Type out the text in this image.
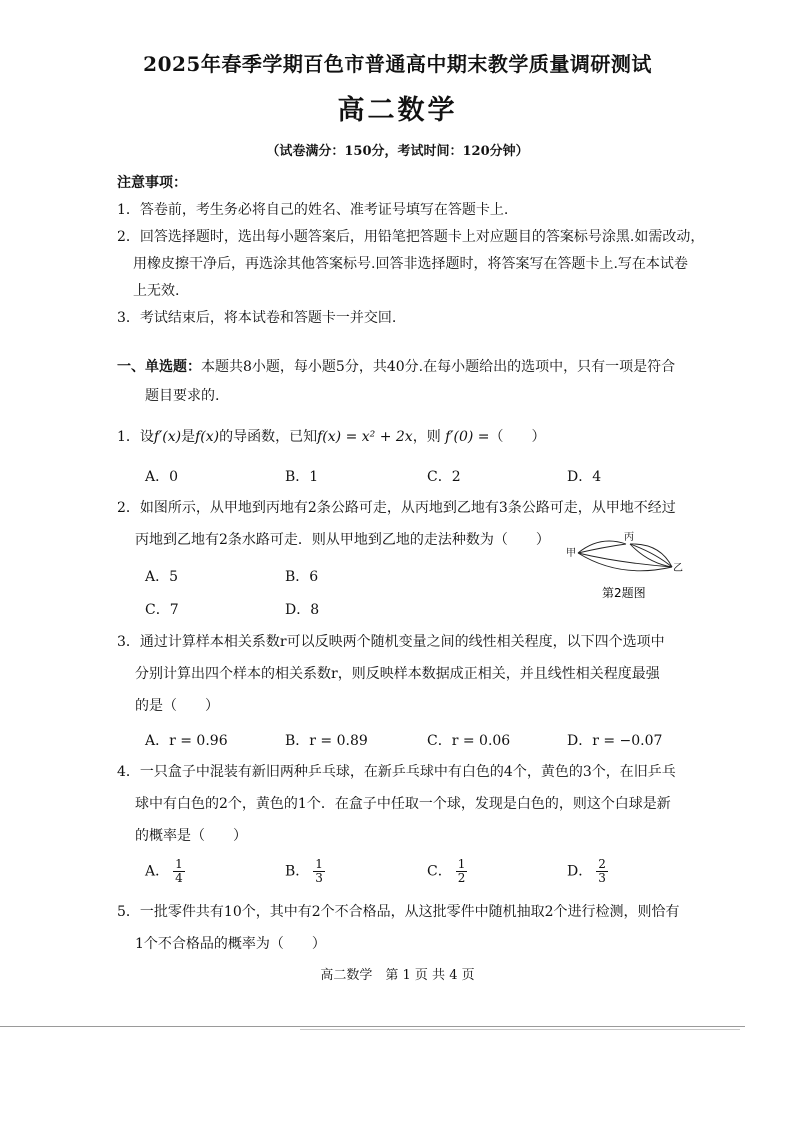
2025年春季学期百色市普通高中期末教学质量调研测试
高二数学
（试卷满分：150分，考试时间：120分钟）
注意事项：
1．答卷前，考生务必将自己的姓名、准考证号填写在答题卡上.
2．回答选择题时，选出每小题答案后，用铅笔把答题卡上对应题目的答案标号涂黑.如需改动，
用橡皮擦干净后，再选涂其他答案标号.回答非选择题时，将答案写在答题卡上.写在本试卷
上无效.
3．考试结束后，将本试卷和答题卡一并交回.
一、单选题：本题共8小题，每小题5分，共40分.在每小题给出的选项中，只有一项是符合
题目要求的.
1．设f′(x)是f(x)的导函数，已知f(x) = x² + 2x，则 f′(0) =（　　）
A．0	B．1	C．2	D．4
2．如图所示，从甲地到丙地有2条公路可走，从丙地到乙地有3条公路可走，从甲地不经过
丙地到乙地有2条水路可走．则从甲地到乙地的走法种数为（　　）
A．5	B．6
C．7	D．8
甲
丙
乙
第2题图
3．通过计算样本相关系数r可以反映两个随机变量之间的线性相关程度，以下四个选项中
分别计算出四个样本的相关系数r，则反映样本数据成正相关，并且线性相关程度最强
的是（　　）
A．r = 0.96	B．r = 0.89	C．r = 0.06	D．r = −0.07
4．一只盒子中混装有新旧两种乒乓球，在新乒乓球中有白色的4个，黄色的3个，在旧乒乓
球中有白色的2个，黄色的1个．在盒子中任取一个球，发现是白色的，则这个白球是新
的概率是（　　）
A． $\frac{1}{4}$	B． $\frac{1}{3}$	C． $\frac{1}{2}$	D． $\frac{2}{3}$
5．一批零件共有10个，其中有2个不合格品，从这批零件中随机抽取2个进行检测，则恰有
1个不合格品的概率为（　　）
高二数学　第 1 页 共 4 页
